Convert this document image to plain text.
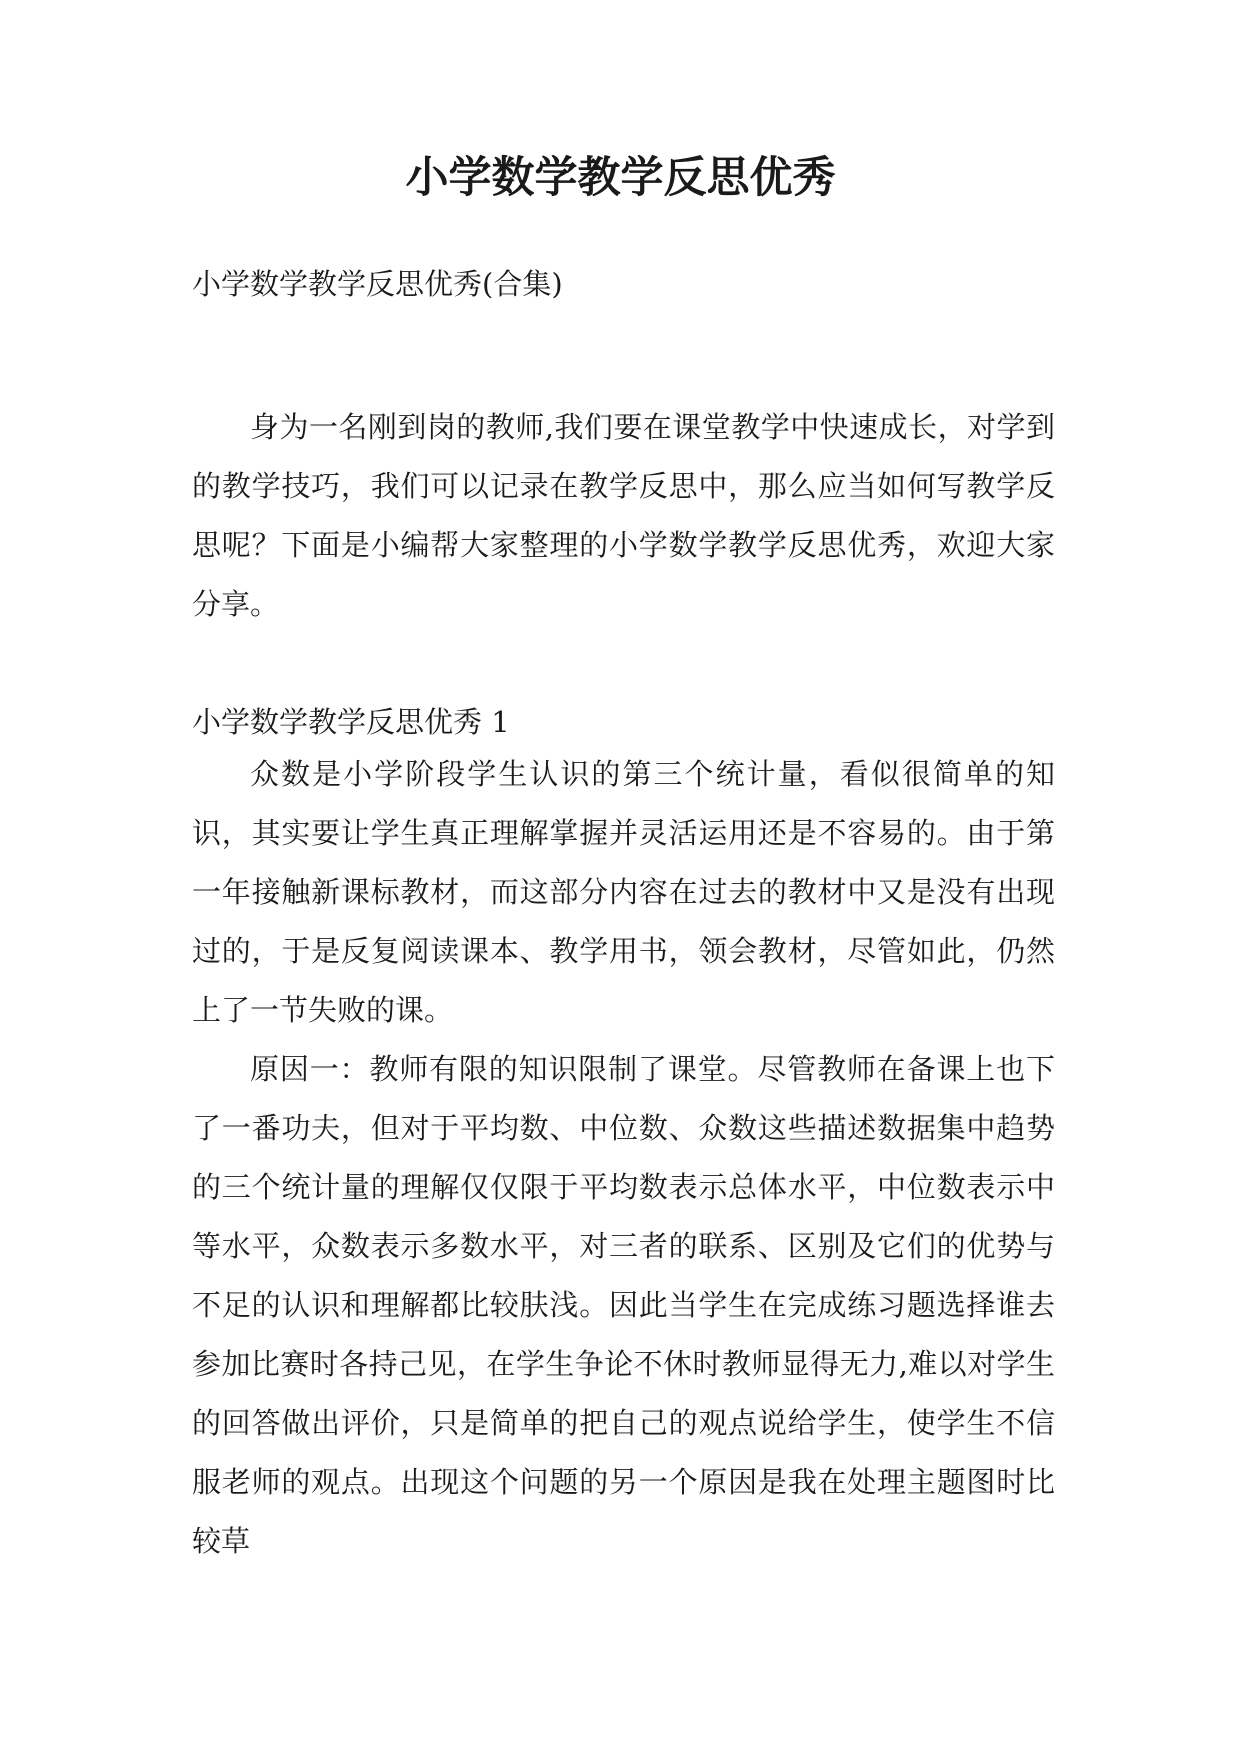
小学数学教学反思优秀
小学数学教学反思优秀(合集)

身为一名刚到岗的教师,我们要在课堂教学中快速成长，对学到的教学技巧，我们可以记录在教学反思中，那么应当如何写教学反思呢？下面是小编帮大家整理的小学数学教学反思优秀，欢迎大家分享。

小学数学教学反思优秀 1

众数是小学阶段学生认识的第三个统计量，看似很简单的知识，其实要让学生真正理解掌握并灵活运用还是不容易的。由于第一年接触新课标教材，而这部分内容在过去的教材中又是没有出现过的，于是反复阅读课本、教学用书，领会教材，尽管如此，仍然上了一节失败的课。

原因一：教师有限的知识限制了课堂。尽管教师在备课上也下了一番功夫，但对于平均数、中位数、众数这些描述数据集中趋势的三个统计量的理解仅仅限于平均数表示总体水平，中位数表示中等水平，众数表示多数水平，对三者的联系、区别及它们的优势与不足的认识和理解都比较肤浅。因此当学生在完成练习题选择谁去参加比赛时各持己见，在学生争论不休时教师显得无力,难以对学生的回答做出评价，只是简单的把自己的观点说给学生，使学生不信服老师的观点。出现这个问题的另一个原因是我在处理主题图时比较草
